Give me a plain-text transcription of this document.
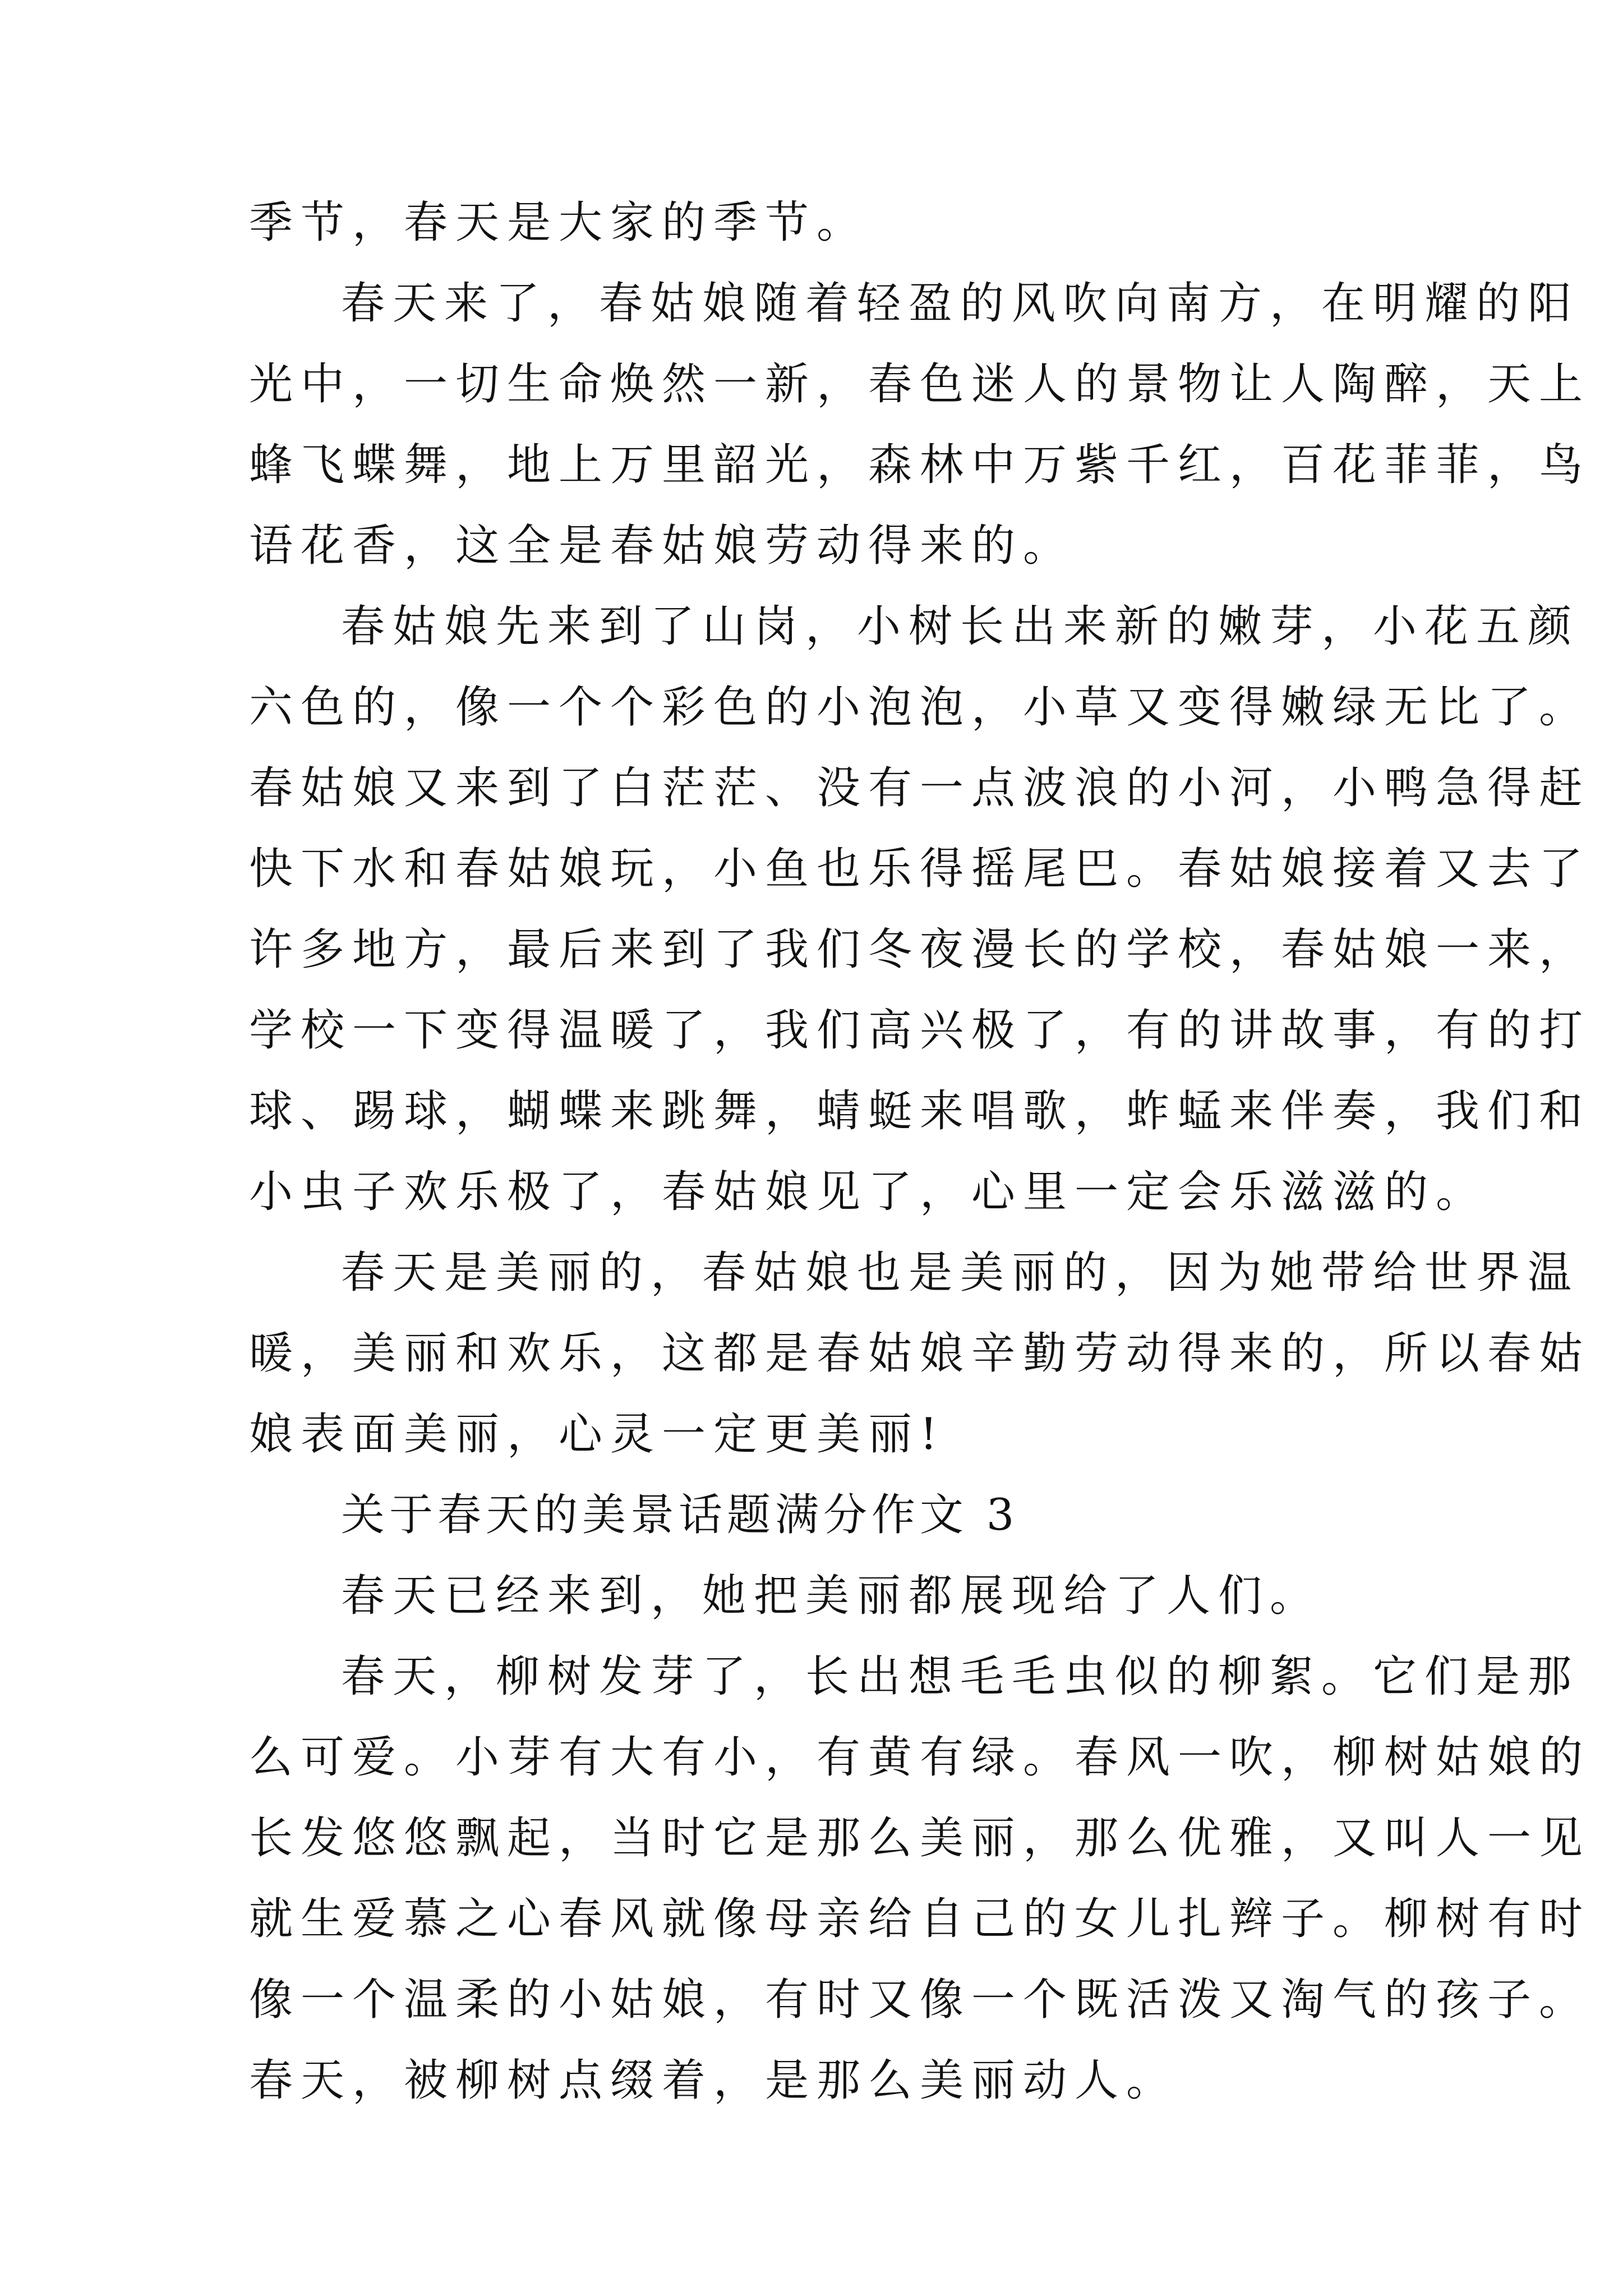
季节，春天是大家的季节。
春天来了，春姑娘随着轻盈的风吹向南方，在明耀的阳
光中，一切生命焕然一新，春色迷人的景物让人陶醉，天上
蜂飞蝶舞，地上万里韶光，森林中万紫千红，百花菲菲，鸟
语花香，这全是春姑娘劳动得来的。
春姑娘先来到了山岗，小树长出来新的嫩芽，小花五颜
六色的，像一个个彩色的小泡泡，小草又变得嫩绿无比了。
春姑娘又来到了白茫茫、没有一点波浪的小河，小鸭急得赶
快下水和春姑娘玩，小鱼也乐得摇尾巴。春姑娘接着又去了
许多地方，最后来到了我们冬夜漫长的学校，春姑娘一来，
学校一下变得温暖了，我们高兴极了，有的讲故事，有的打
球、踢球，蝴蝶来跳舞，蜻蜓来唱歌，蚱蜢来伴奏，我们和
小虫子欢乐极了，春姑娘见了，心里一定会乐滋滋的。
春天是美丽的，春姑娘也是美丽的，因为她带给世界温
暖，美丽和欢乐，这都是春姑娘辛勤劳动得来的，所以春姑
娘表面美丽，心灵一定更美丽!
关于春天的美景话题满分作文 3
春天已经来到，她把美丽都展现给了人们。
春天，柳树发芽了，长出想毛毛虫似的柳絮。它们是那
么可爱。小芽有大有小，有黄有绿。春风一吹，柳树姑娘的
长发悠悠飘起，当时它是那么美丽，那么优雅，又叫人一见
就生爱慕之心春风就像母亲给自己的女儿扎辫子。柳树有时
像一个温柔的小姑娘，有时又像一个既活泼又淘气的孩子。
春天，被柳树点缀着，是那么美丽动人。
